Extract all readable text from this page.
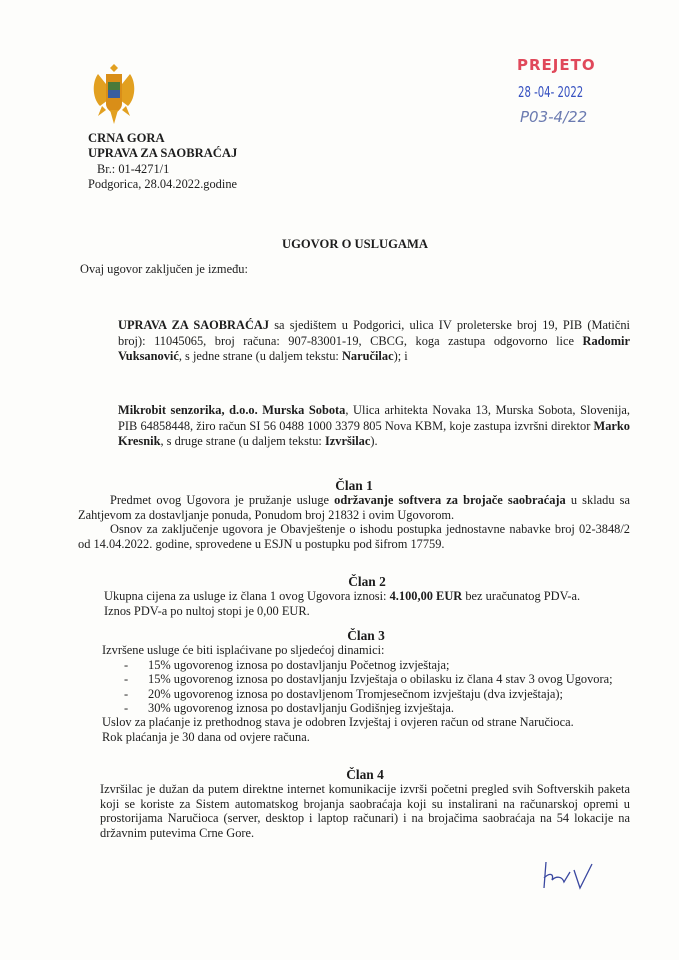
CRNA GORA
UPRAVA ZA SAOBRAĆAJ
Br.: 01-4271/1
Podgorica, 28.04.2022.godine
PREJETO
28 -04- 2022
P03-4/22
UGOVOR O USLUGAMA
Ovaj ugovor zaključen je između:
UPRAVA ZA SAOBRAĆAJ sa sjedištem u Podgorici, ulica IV proleterske broj 19, PIB (Matični broj): 11045065, broj računa: 907-83001-19, CBCG, koga zastupa odgovorno lice Radomir Vuksanović, s jedne strane (u daljem tekstu: Naručilac); i
Mikrobit senzorika, d.o.o. Murska Sobota, Ulica arhitekta Novaka 13, Murska Sobota, Slovenija, PIB 64858448, žiro račun SI 56 0488 1000 3379 805 Nova KBM, koje zastupa izvršni direktor Marko Kresnik, s druge strane (u daljem tekstu: Izvršilac).
Član 1
Predmet ovog Ugovora je pružanje usluge održavanje softvera za brojače saobraćaja u skladu sa Zahtjevom za dostavljanje ponuda, Ponudom broj 21832 i ovim Ugovorom.
Osnov za zaključenje ugovora je Obavještenje o ishodu postupka jednostavne nabavke broj 02-3848/2 od 14.04.2022. godine, sprovedene u ESJN u postupku pod šifrom 17759.
Član 2
Ukupna cijena za usluge iz člana 1 ovog Ugovora iznosi: 4.100,00 EUR bez uračunatog PDV-a.
Iznos PDV-a po nultoj stopi je 0,00 EUR.
Član 3
Izvršene usluge će biti isplaćivane po sljedećoj dinamici:
- 15% ugovorenog iznosa po dostavljanju Početnog izvještaja;
- 15% ugovorenog iznosa po dostavljanju Izvještaja o obilasku iz člana 4 stav 3 ovog Ugovora;
- 20% ugovorenog iznosa po dostavljenom Tromjesečnom izvještaju (dva izvještaja);
- 30% ugovorenog iznosa po dostavljanju Godišnjeg izvještaja.
Uslov za plaćanje iz prethodnog stava je odobren Izvještaj i ovjeren račun od strane Naručioca.
Rok plaćanja je 30 dana od ovjere računa.
Član 4
Izvršilac je dužan da putem direktne internet komunikacije izvrši početni pregled svih Softverskih paketa koji se koriste za Sistem automatskog brojanja saobraćaja koji su instalirani na računarskoj opremi u prostorijama Naručioca (server, desktop i laptop računari) i na brojačima saobraćaja na 54 lokacije na državnim putevima Crne Gore.
